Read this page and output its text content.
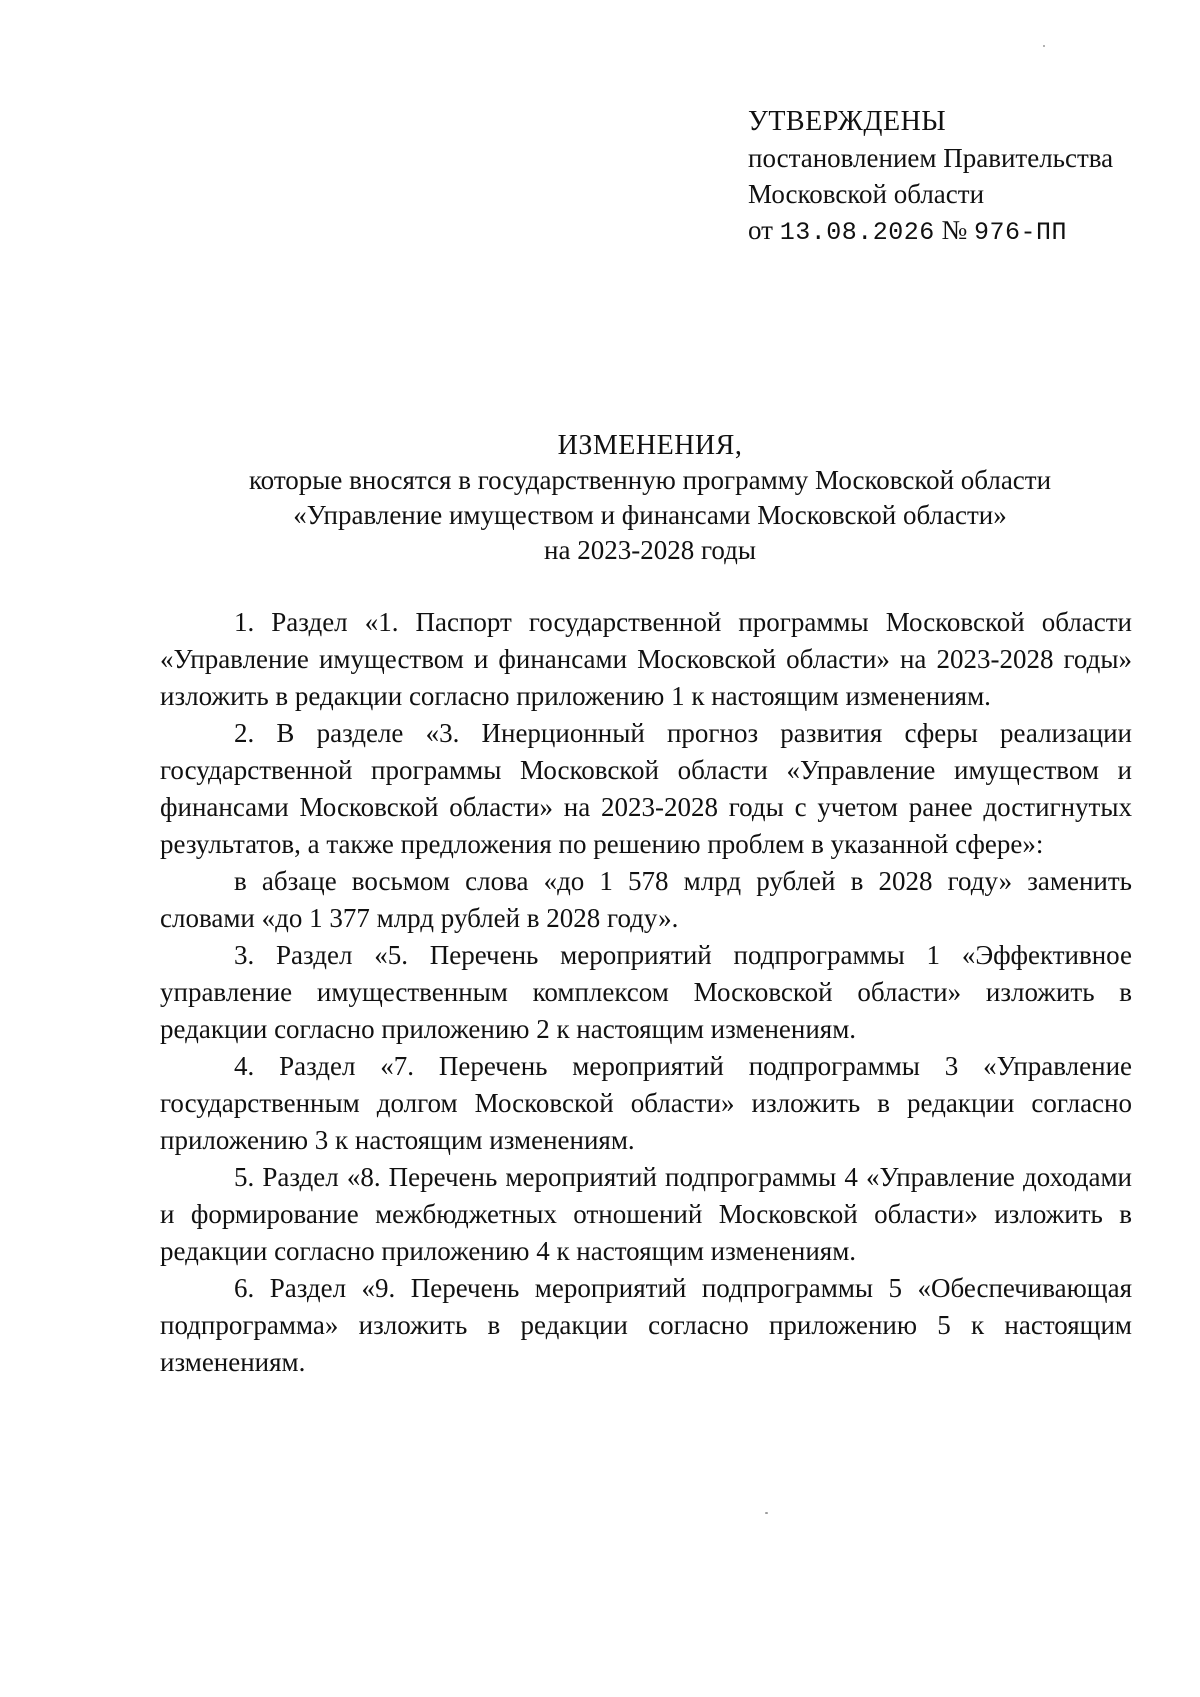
УТВЕРЖДЕНЫ
постановлением Правительства
Московской области
от 13.08.2026 № 976-ПП
ИЗМЕНЕНИЯ,
которые вносятся в государственную программу Московской области
«Управление имуществом и финансами Московской области»
на 2023-2028 годы

1. Раздел «1. Паспорт государственной программы Московской области «Управление имуществом и финансами Московской области» на 2023-2028 годы» изложить в редакции согласно приложению 1 к настоящим изменениям.

2. В разделе «3. Инерционный прогноз развития сферы реализации государственной программы Московской области «Управление имуществом и финансами Московской области» на 2023-2028 годы с учетом ранее достигнутых результатов, а также предложения по решению проблем в указанной сфере»:

в абзаце восьмом слова «до 1 578 млрд рублей в 2028 году» заменить словами «до 1 377 млрд рублей в 2028 году».

3. Раздел «5. Перечень мероприятий подпрограммы 1 «Эффективное управление имущественным комплексом Московской области» изложить в редакции согласно приложению 2 к настоящим изменениям.

4. Раздел «7. Перечень мероприятий подпрограммы 3 «Управление государственным долгом Московской области» изложить в редакции согласно приложению 3 к настоящим изменениям.

5. Раздел «8. Перечень мероприятий подпрограммы 4 «Управление доходами и формирование межбюджетных отношений Московской области» изложить в редакции согласно приложению 4 к настоящим изменениям.

6. Раздел «9. Перечень мероприятий подпрограммы 5 «Обеспечивающая подпрограмма» изложить в редакции согласно приложению 5 к настоящим изменениям.
